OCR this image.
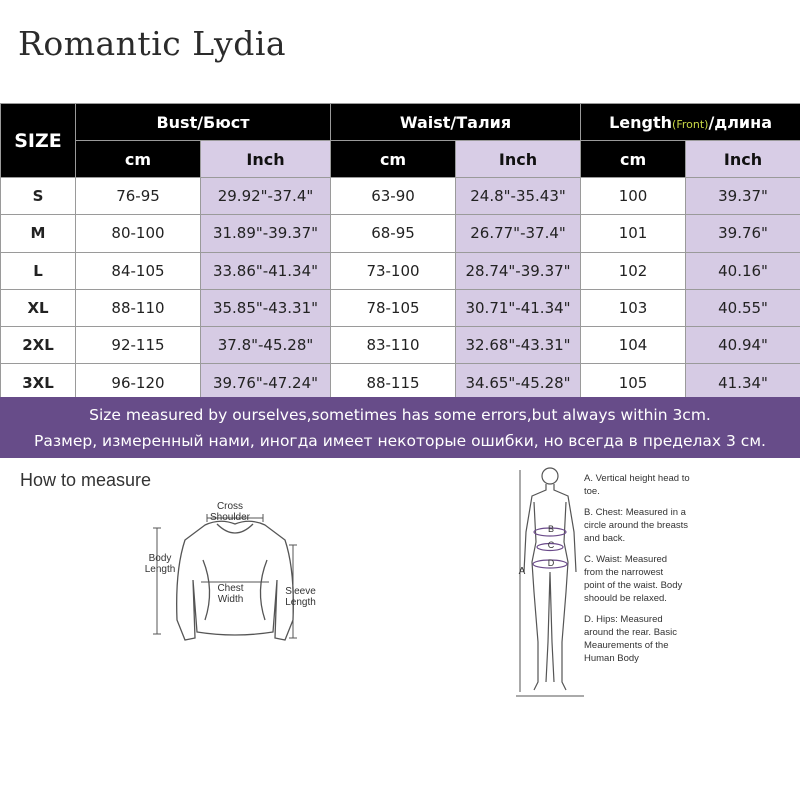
Romantic Lydia
SIZE	Bust/Бюст		Waist/Талия		Length(Front)/длина	
	cm	Inch	cm	Inch	cm	Inch
S	76-95	29.92"-37.4"	63-90	24.8"-35.43"	100	39.37"
M	80-100	31.89"-39.37"	68-95	26.77"-37.4"	101	39.76"
L	84-105	33.86"-41.34"	73-100	28.74"-39.37"	102	40.16"
XL	88-110	35.85"-43.31"	78-105	30.71"-41.34"	103	40.55"
2XL	92-115	37.8"-45.28"	83-110	32.68"-43.31"	104	40.94"
3XL	96-120	39.76"-47.24"	88-115	34.65"-45.28"	105	41.34"
Size measured by ourselves,sometimes has some errors,but always within 3cm.
Размер, измеренный нами, иногда имеет некоторые ошибки, но всегда в пределах 3 см.
How to measure
Cross
Shoulder
Body
Length
Chest
Width
Sleeve
Length
A
B
C
D

A. Vertical height head to toe.

B. Chest: Measured in a circle around the breasts and back.

C. Waist: Measured from the narrowest point of the waist. Body shoould be relaxed.

D. Hips: Measured around the rear. Basic Meaurements of the Human Body
